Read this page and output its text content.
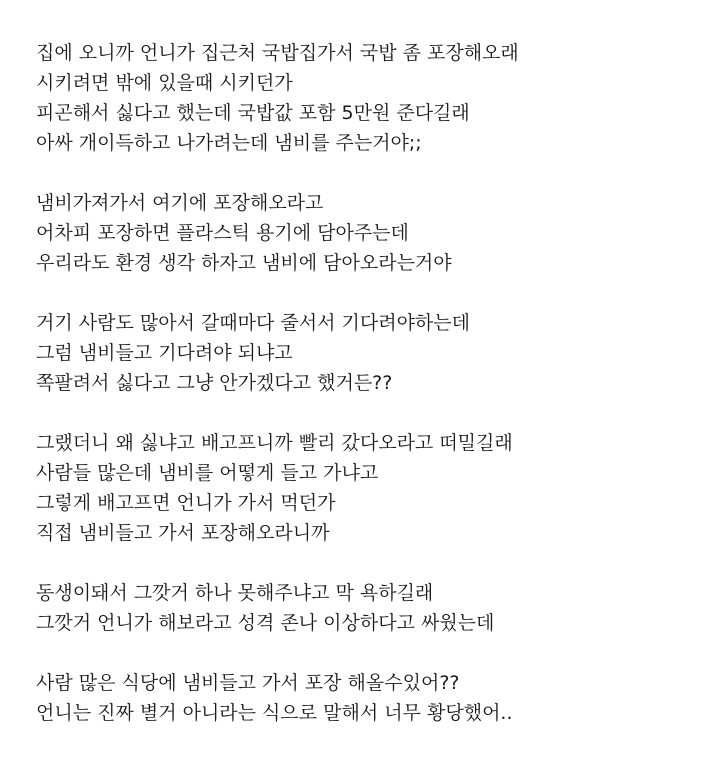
집에 오니까 언니가 집근처 국밥집가서 국밥 좀 포장해오래
시키려면 밖에 있을때 시키던가
피곤해서 싫다고 했는데 국밥값 포함 5만원 준다길래
아싸 개이득하고 나가려는데 냄비를 주는거야;;
냄비가져가서 여기에 포장해오라고
어차피 포장하면 플라스틱 용기에 담아주는데
우리라도 환경 생각 하자고 냄비에 담아오라는거야
거기 사람도 많아서 갈때마다 줄서서 기다려야하는데
그럼 냄비들고 기다려야 되냐고
쪽팔려서 싫다고 그냥 안가겠다고 했거든??
그랬더니 왜 싫냐고 배고프니까 빨리 갔다오라고 떠밀길래
사람들 많은데 냄비를 어떻게 들고 가냐고
그렇게 배고프면 언니가 가서 먹던가
직접 냄비들고 가서 포장해오라니까
동생이돼서 그깟거 하나 못해주냐고 막 욕하길래
그깟거 언니가 해보라고 성격 존나 이상하다고 싸웠는데
사람 많은 식당에 냄비들고 가서 포장 해올수있어??
언니는 진짜 별거 아니라는 식으로 말해서 너무 황당했어..
